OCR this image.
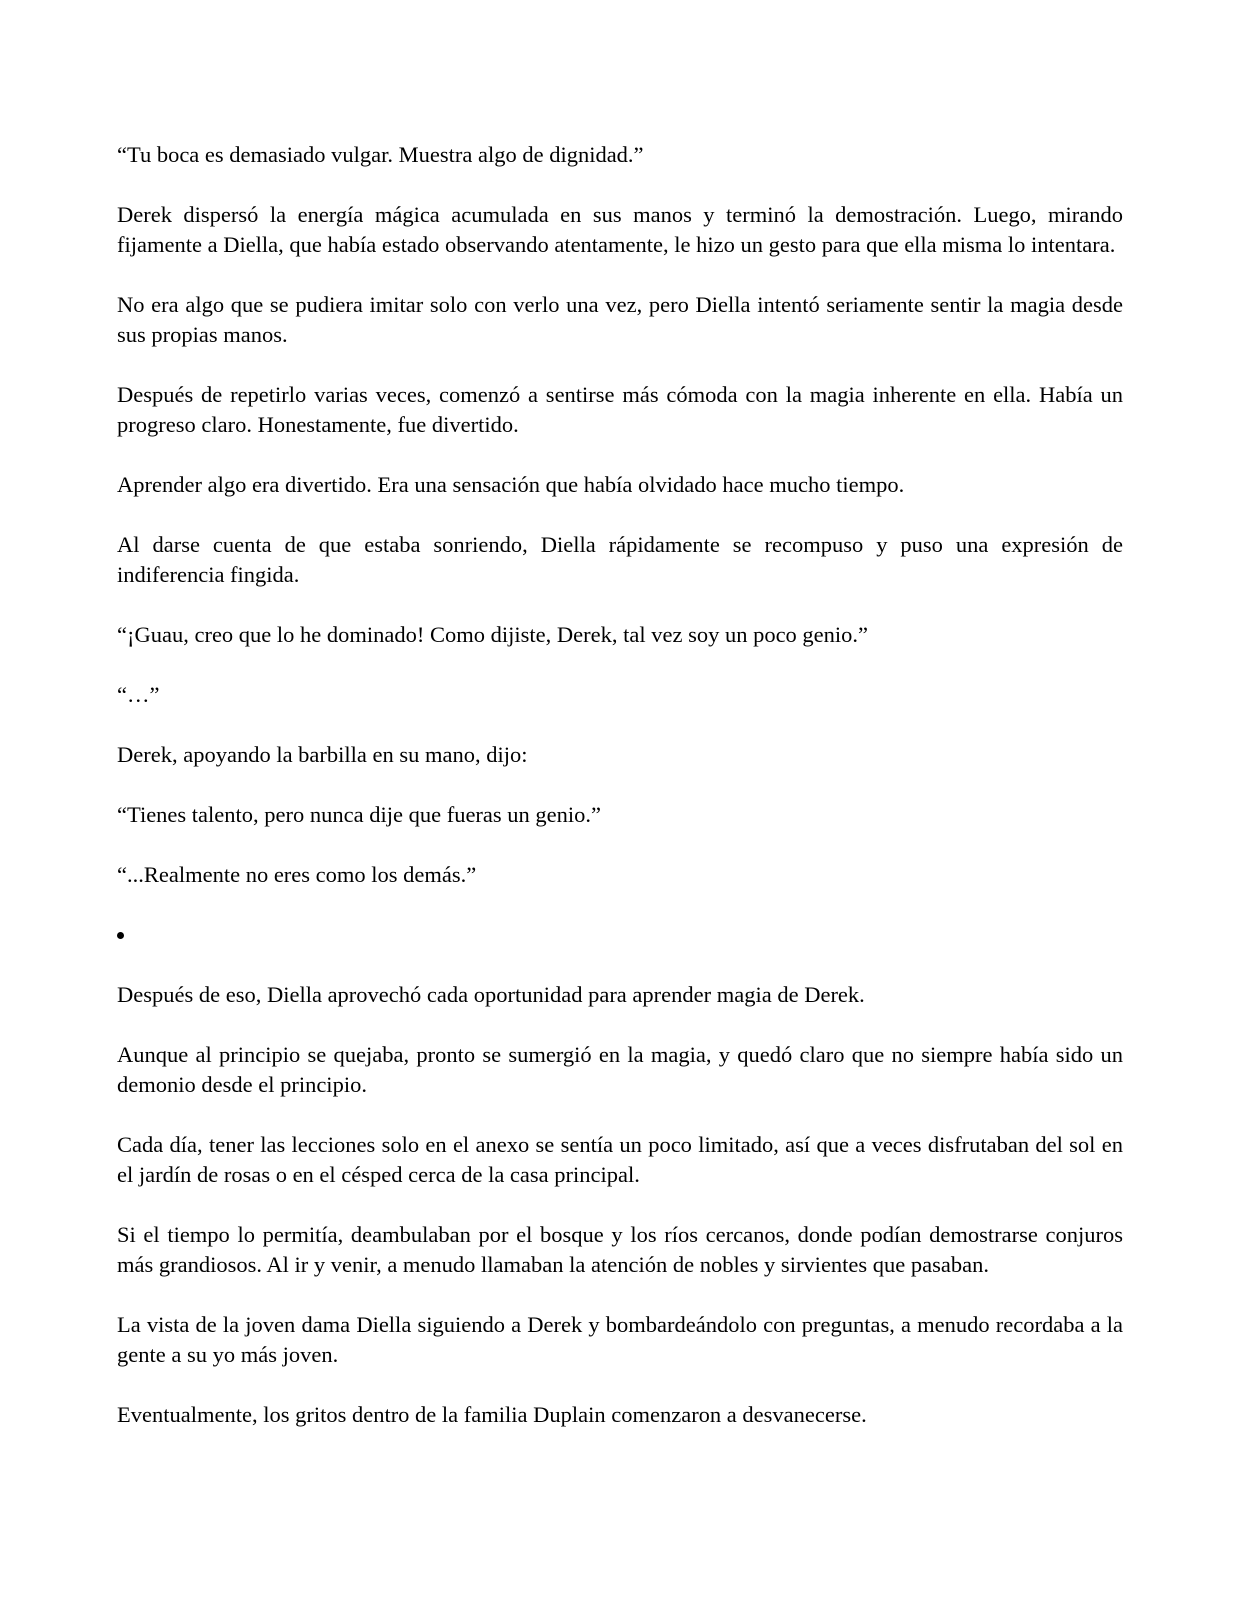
“Tu boca es demasiado vulgar. Muestra algo de dignidad.”

Derek dispersó la energía mágica acumulada en sus manos y terminó la demostración. Luego, mirando fijamente a Diella, que había estado observando atentamente, le hizo un gesto para que ella misma lo intentara.

No era algo que se pudiera imitar solo con verlo una vez, pero Diella intentó seriamente sentir la magia desde sus propias manos.

Después de repetirlo varias veces, comenzó a sentirse más cómoda con la magia inherente en ella. Había un progreso claro. Honestamente, fue divertido.

Aprender algo era divertido. Era una sensación que había olvidado hace mucho tiempo.

Al darse cuenta de que estaba sonriendo, Diella rápidamente se recompuso y puso una expresión de indiferencia fingida.

“¡Guau, creo que lo he dominado! Como dijiste, Derek, tal vez soy un poco genio.”

“…”

Derek, apoyando la barbilla en su mano, dijo:

“Tienes talento, pero nunca dije que fueras un genio.”

“...Realmente no eres como los demás.”

Después de eso, Diella aprovechó cada oportunidad para aprender magia de Derek.

Aunque al principio se quejaba, pronto se sumergió en la magia, y quedó claro que no siempre había sido un demonio desde el principio.

Cada día, tener las lecciones solo en el anexo se sentía un poco limitado, así que a veces disfrutaban del sol en el jardín de rosas o en el césped cerca de la casa principal.

Si el tiempo lo permitía, deambulaban por el bosque y los ríos cercanos, donde podían demostrarse conjuros más grandiosos. Al ir y venir, a menudo llamaban la atención de nobles y sirvientes que pasaban.

La vista de la joven dama Diella siguiendo a Derek y bombardeándolo con preguntas, a menudo recordaba a la gente a su yo más joven.

Eventualmente, los gritos dentro de la familia Duplain comenzaron a desvanecerse.
